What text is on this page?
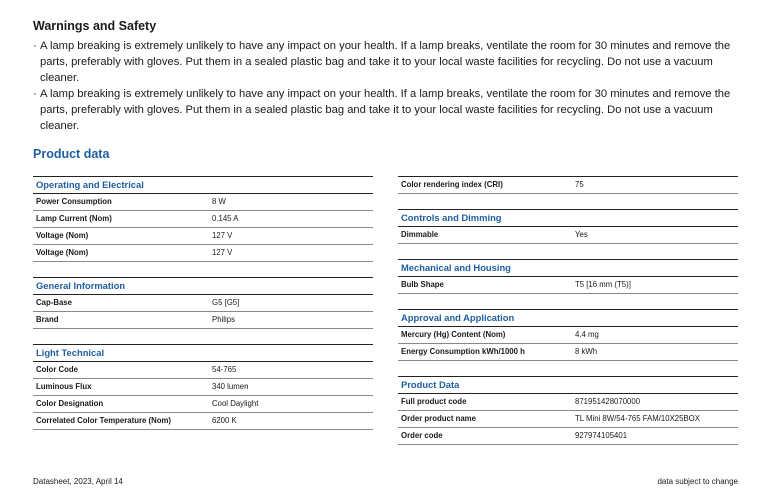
Warnings and Safety

· A lamp breaking is extremely unlikely to have any impact on your health. If a lamp breaks, ventilate the room for 30 minutes and remove the parts, preferably with gloves. Put them in a sealed plastic bag and take it to your local waste facilities for recycling. Do not use a vacuum cleaner.

· A lamp breaking is extremely unlikely to have any impact on your health. If a lamp breaks, ventilate the room for 30 minutes and remove the parts, preferably with gloves. Put them in a sealed plastic bag and take it to your local waste facilities for recycling. Do not use a vacuum cleaner.

Product data
Operating and Electrical
Power Consumption	8 W
Lamp Current (Nom)	0.145 A
Voltage (Nom)	127 V
Voltage (Nom)	127 V
General Information
Cap-Base	G5 [G5]
Brand	Philips
Light Technical
Color Code	54-765
Luminous Flux	340 lumen
Color Designation	Cool Daylight
Correlated Color Temperature (Nom)	6200 K
Color rendering index (CRI)	75
Controls and Dimming
Dimmable	Yes
Mechanical and Housing
Bulb Shape	T5 [16 mm (T5)]
Approval and Application
Mercury (Hg) Content (Nom)	4.4 mg
Energy Consumption kWh/1000 h	8 kWh
Product Data
Full product code	871951428070000
Order product name	TL Mini 8W/54-765 FAM/10X25BOX
Order code	927974105401
Datasheet, 2023, April 14	data subject to change
